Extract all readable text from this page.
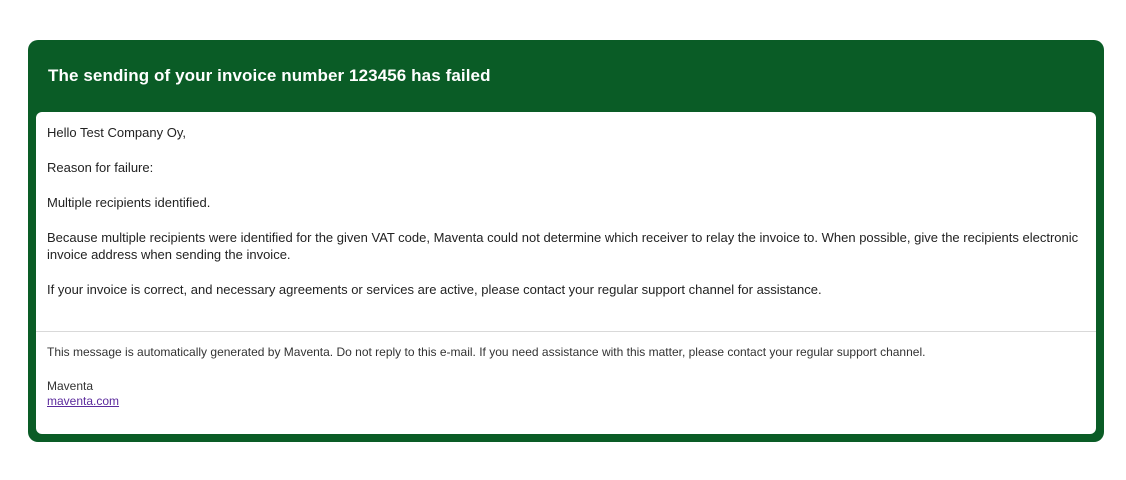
The sending of your invoice number 123456 has failed

Hello Test Company Oy,

Reason for failure:

Multiple recipients identified.

Because multiple recipients were identified for the given VAT code, Maventa could not determine which receiver to relay the invoice to. When possible, give the recipients electronic invoice address when sending the invoice.

If your invoice is correct, and necessary agreements or services are active, please contact your regular support channel for assistance.

This message is automatically generated by Maventa. Do not reply to this e-mail. If you need assistance with this matter, please contact your regular support channel.

Maventa
maventa.com
